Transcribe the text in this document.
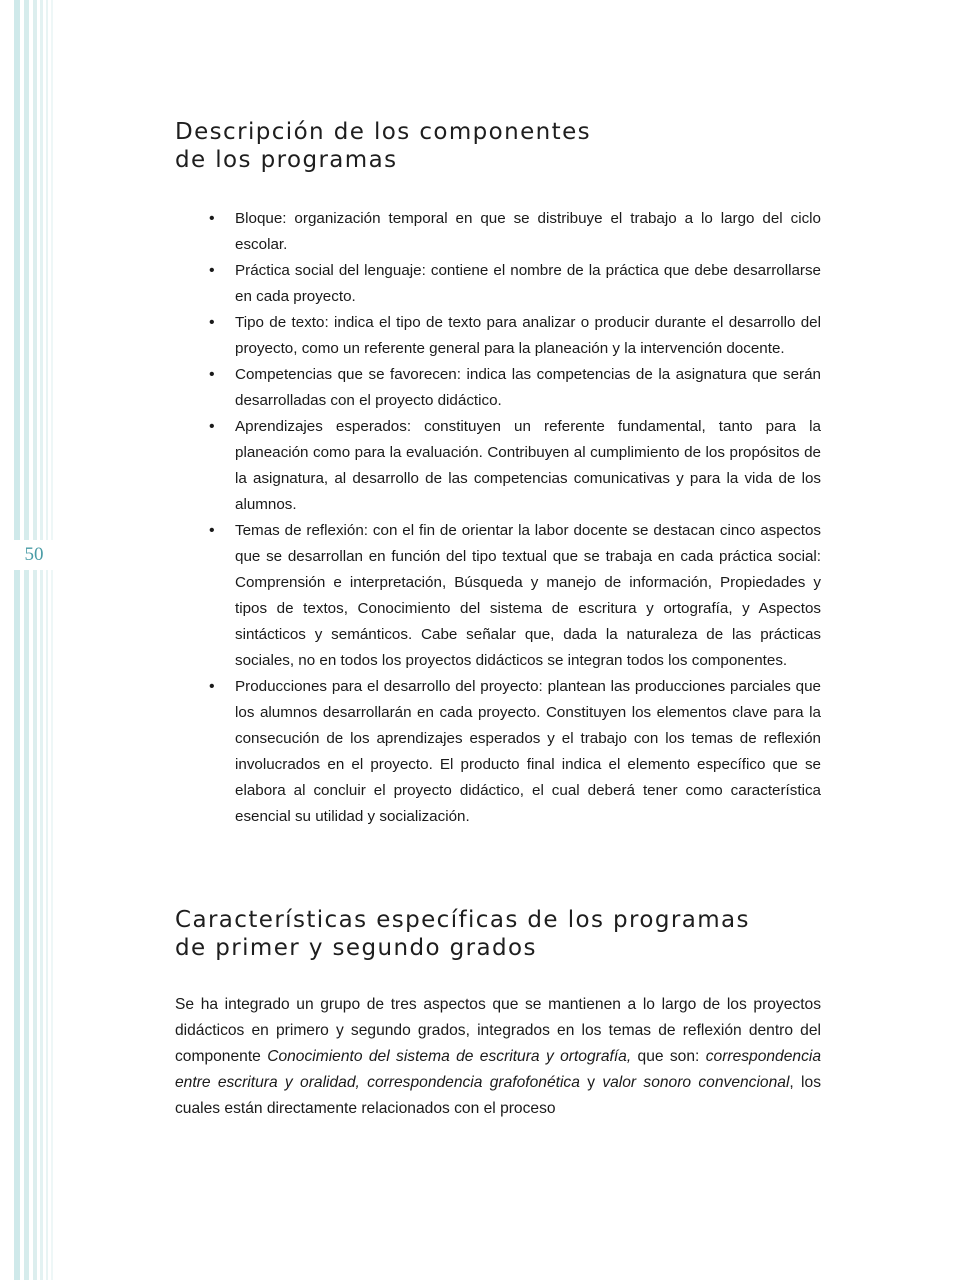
50
Descripción de los componentes
de los programas
• Bloque: organización temporal en que se distribuye el trabajo a lo largo del ciclo escolar.
• Práctica social del lenguaje: contiene el nombre de la práctica que debe desarrollarse en cada proyecto.
• Tipo de texto: indica el tipo de texto para analizar o producir durante el desarrollo del proyecto, como un referente general para la planeación y la intervención docente.
• Competencias que se favorecen: indica las competencias de la asignatura que serán desarrolladas con el proyecto didáctico.
• Aprendizajes esperados: constituyen un referente fundamental, tanto para la planeación como para la evaluación. Contribuyen al cumplimiento de los propósitos de la asignatura, al desarrollo de las competencias comunicativas y para la vida de los alumnos.
• Temas de reflexión: con el fin de orientar la labor docente se destacan cinco aspectos que se desarrollan en función del tipo textual que se trabaja en cada práctica social: Comprensión e interpretación, Búsqueda y manejo de información, Propiedades y tipos de textos, Conocimiento del sistema de escritura y ortografía, y Aspectos sintácticos y semánticos. Cabe señalar que, dada la naturaleza de las prácticas sociales, no en todos los proyectos didácticos se integran todos los componentes.
• Producciones para el desarrollo del proyecto: plantean las producciones parciales que los alumnos desarrollarán en cada proyecto. Constituyen los elementos clave para la consecución de los aprendizajes esperados y el trabajo con los temas de reflexión involucrados en el proyecto. El producto final indica el elemento específico que se elabora al concluir el proyecto didáctico, el cual deberá tener como característica esencial su utilidad y socialización.
Características específicas de los programas
de primer y segundo grados

Se ha integrado un grupo de tres aspectos que se mantienen a lo largo de los proyectos didácticos en primero y segundo grados, integrados en los temas de reflexión dentro del componente Conocimiento del sistema de escritura y ortografía, que son: correspondencia entre escritura y oralidad, correspondencia grafofonética y valor sonoro convencional, los cuales están directamente relacionados con el proceso
